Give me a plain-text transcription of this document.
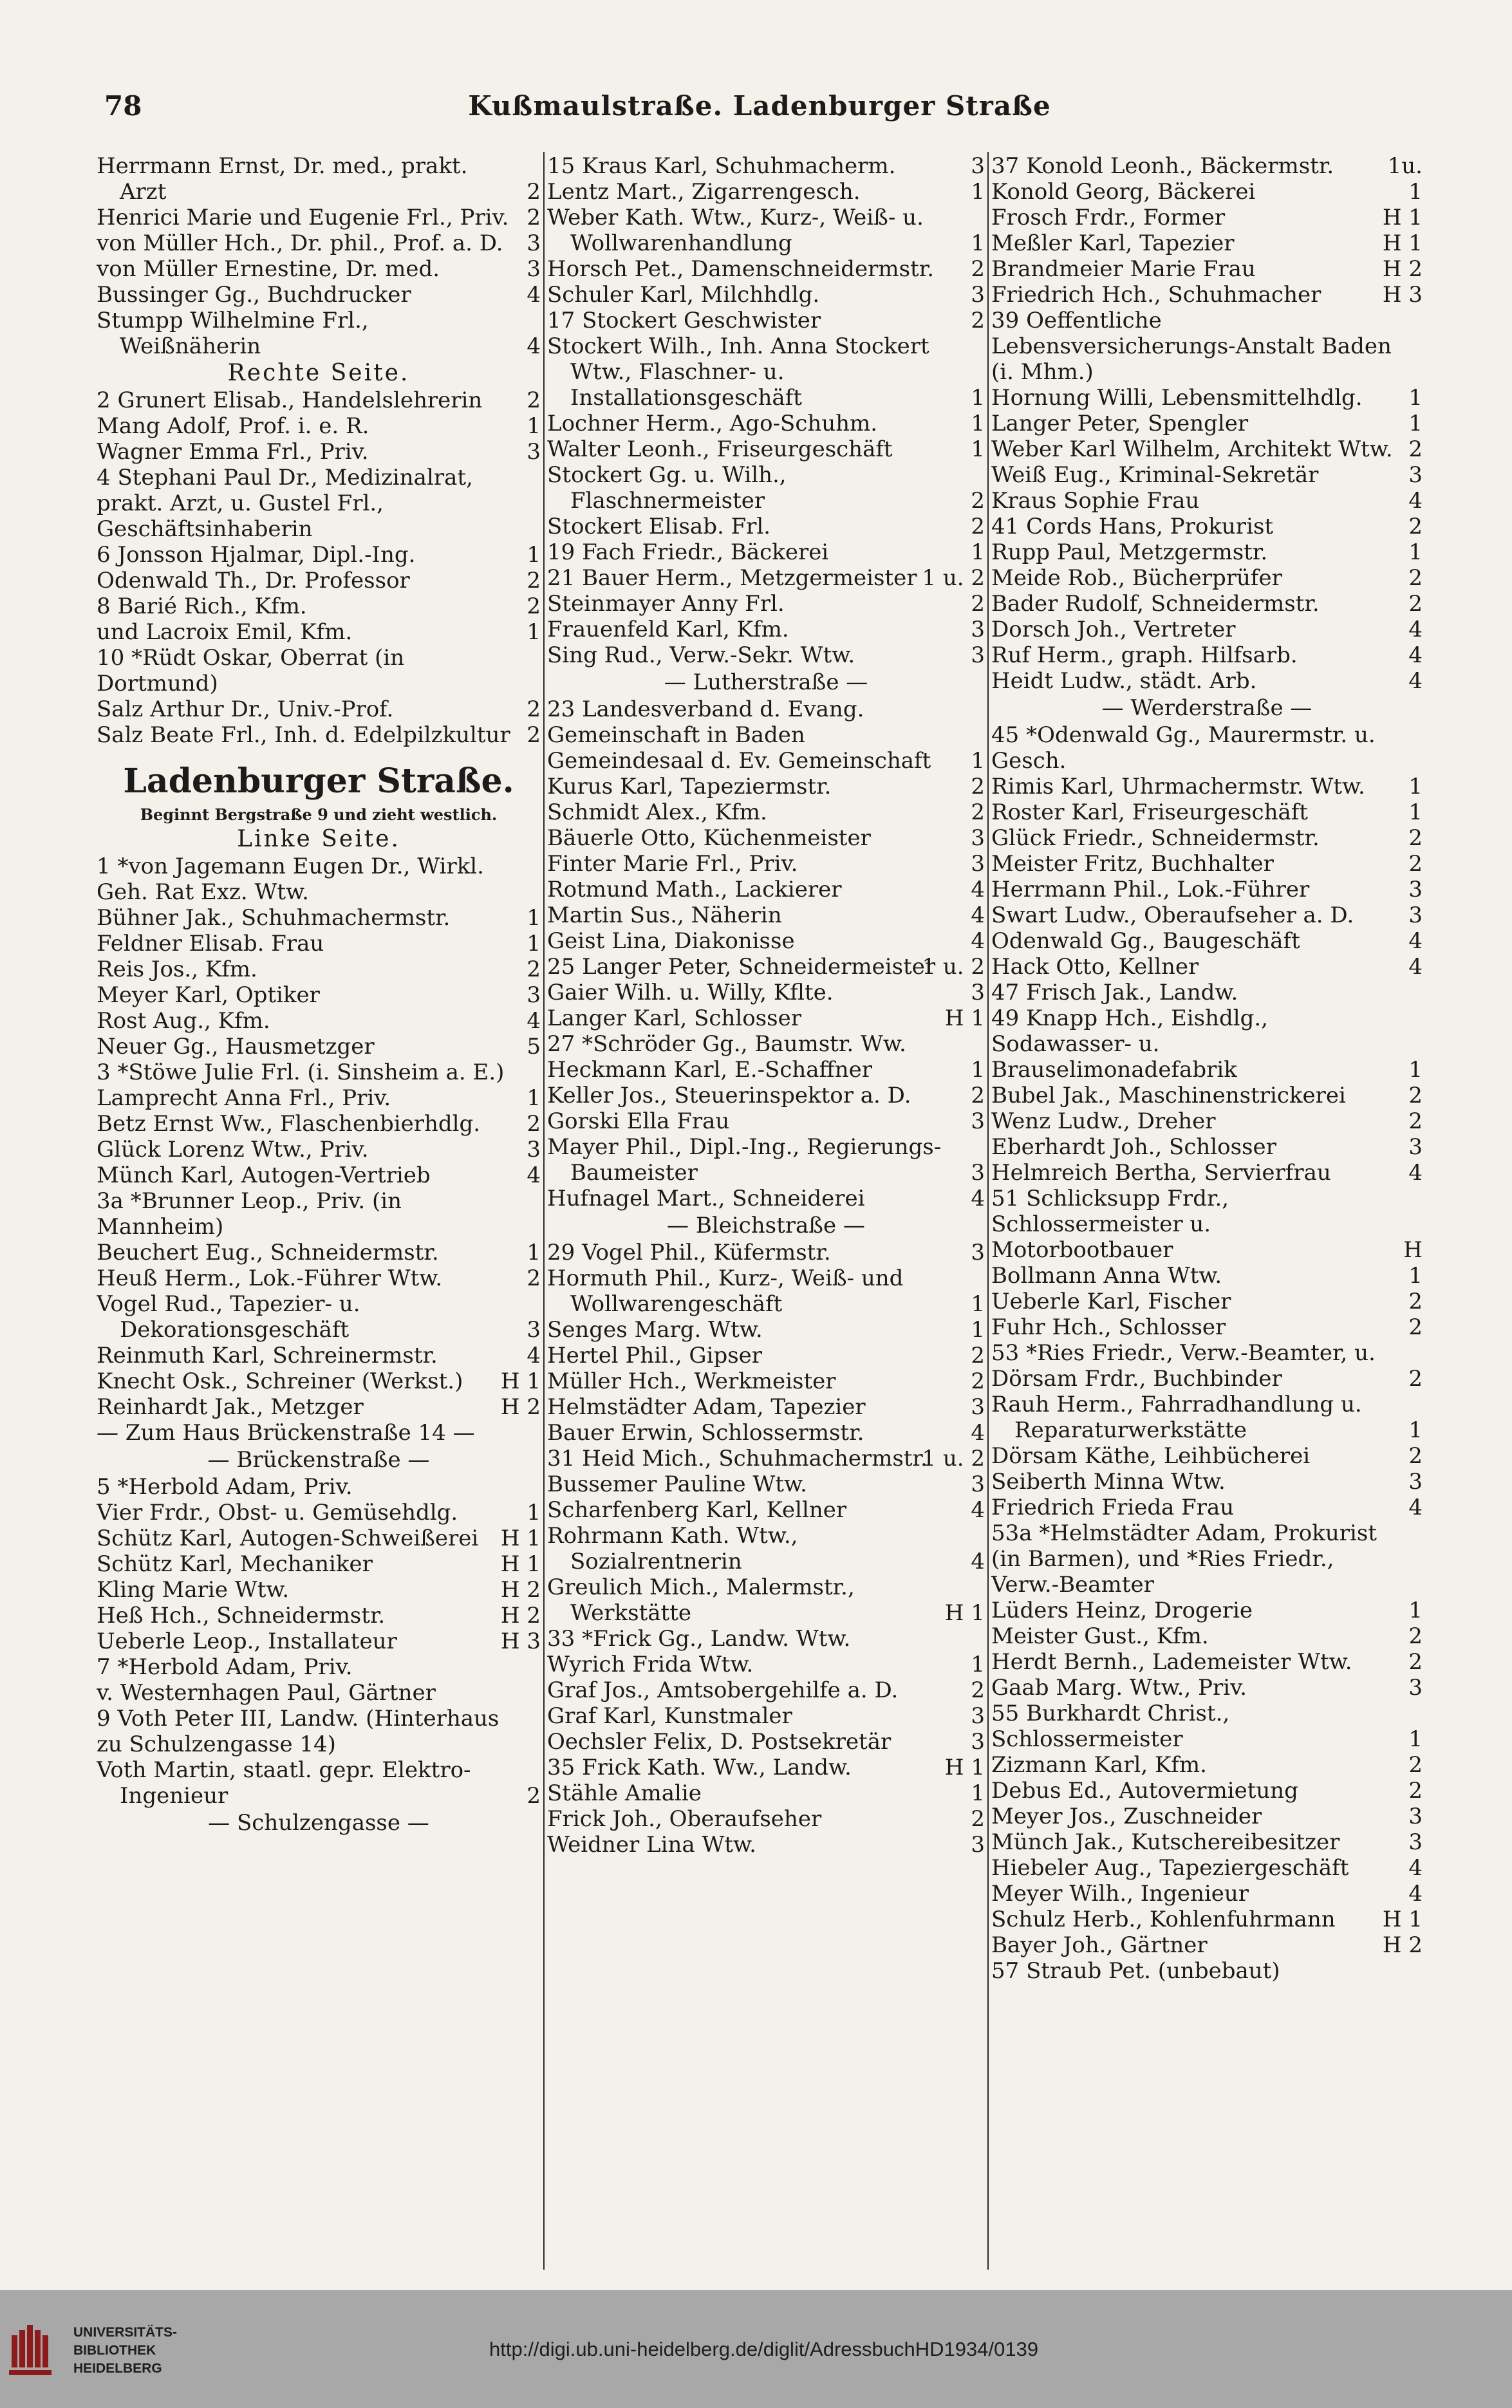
78	Kußmaulstraße. Ladenburger Straße
Herrmann Ernst, Dr. med., prakt. Arzt	2
Henrici Marie und Eugenie Frl., Priv. 2
von Müller Hch., Dr. phil., Prof. a. D.	3
von Müller Ernestine, Dr. med.	3
Bussinger Gg., Buchdrucker	4
Stumpp Wilhelmine Frl., Weißnäherin	4
Rechte Seite.
2 Grunert Elisab., Handelslehrerin 2
Mang Adolf, Prof. i. e. R.	1
Wagner Emma Frl., Priv.	3
4 Stephani Paul Dr., Medizinalrat, prakt. Arzt, u. Gustel Frl., Geschäftsinhaberin
6 Jonsson Hjalmar, Dipl.-Ing.	1
Odenwald Th., Dr. Professor	2
8 Barié Rich., Kfm.	2
und Lacroix Emil, Kfm.	1
10 *Rüdt Oskar, Oberrat (in Dortmund)
Salz Arthur Dr., Univ.-Prof.	2
Salz Beate Frl., Inh. d. Edelpilzkultur 2
Ladenburger Straße.
Beginnt Bergstraße 9 und zieht westlich.
Linke Seite.
1 *von Jagemann Eugen Dr., Wirkl. Geh. Rat Exz. Wtw.
Bühner Jak., Schuhmachermstr.	1
Feldner Elisab. Frau	1
Reis Jos., Kfm.	2
Meyer Karl, Optiker	3
Rost Aug., Kfm.	4
Neuer Gg., Hausmetzger	5
3 *Stöwe Julie Frl. (i. Sinsheim a. E.)
Lamprecht Anna Frl., Priv.	1
Betz Ernst Ww., Flaschenbierhdlg.	2
Glück Lorenz Wtw., Priv.	3
Münch Karl, Autogen-Vertrieb	4
3a *Brunner Leop., Priv. (in Mannheim)
Beuchert Eug., Schneidermstr.	1
Heuß Herm., Lok.-Führer Wtw.	2
Vogel Rud., Tapezier- u. Dekorationsgeschäft	3
Reinmuth Karl, Schreinermstr.	4
Knecht Osk., Schreiner (Werkst.)	H 1
Reinhardt Jak., Metzger	H 2
— Zum Haus Brückenstraße 14 —
— Brückenstraße —
5 *Herbold Adam, Priv.
Vier Frdr., Obst- u. Gemüsehdlg.	1
Schütz Karl, Autogen-Schweißerei	H 1
Schütz Karl, Mechaniker	H 1
Kling Marie Wtw.	H 2
Heß Hch., Schneidermstr.	H 2
Ueberle Leop., Installateur	H 3
7 *Herbold Adam, Priv.
v. Westernhagen Paul, Gärtner
9 Voth Peter III, Landw. (Hinterhaus zu Schulzengasse 14)
Voth Martin, staatl. gepr. Elektro-Ingenieur	2
— Schulzengasse —
15 Kraus Karl, Schuhmacherm.	3
Lentz Mart., Zigarrengesch.	1
Weber Kath. Wtw., Kurz-, Weiß- u. Wollwarenhandlung	1
Horsch Pet., Damenschneidermstr.	2
Schuler Karl, Milchhdlg.	3
17 Stockert Geschwister	2
Stockert Wilh., Inh. Anna Stockert Wtw., Flaschner- u. Installationsgeschäft	1
Lochner Herm., Ago-Schuhm.	1
Walter Leonh., Friseurgeschäft	1
Stockert Gg. u. Wilh., Flaschnermeister	2
Stockert Elisab. Frl.	2
19 Fach Friedr., Bäckerei	1
21 Bauer Herm., Metzgermeister 1 u. 2
Steinmayer Anny Frl.	2
Frauenfeld Karl, Kfm.	3
Sing Rud., Verw.-Sekr. Wtw.	3
— Lutherstraße —
23 Landesverband d. Evang. Gemeinschaft in Baden
Gemeindesaal d. Ev. Gemeinschaft	1
Kurus Karl, Tapeziermstr.	2
Schmidt Alex., Kfm.	2
Bäuerle Otto, Küchenmeister	3
Finter Marie Frl., Priv.	3
Rotmund Math., Lackierer	4
Martin Sus., Näherin	4
Geist Lina, Diakonisse	4
25 Langer Peter, Schneidermeister
1 u. 2
Gaier Wilh. u. Willy, Kflte.	3
Langer Karl, Schlosser	H 1
27 *Schröder Gg., Baumstr. Ww.
Heckmann Karl, E.-Schaffner	1
Keller Jos., Steuerinspektor a. D.	2
Gorski Ella Frau	3
Mayer Phil., Dipl.-Ing., Regierungs-Baumeister	3
Hufnagel Mart., Schneiderei	4
— Bleichstraße —
29 Vogel Phil., Küfermstr.	3
Hormuth Phil., Kurz-, Weiß- und Wollwarengeschäft	1
Senges Marg. Wtw.	1
Hertel Phil., Gipser	2
Müller Hch., Werkmeister	2
Helmstädter Adam, Tapezier	3
Bauer Erwin, Schlossermstr.	4
31 Heid Mich., Schuhmachermstr.
1 u. 2
Bussemer Pauline Wtw.	3
Scharfenberg Karl, Kellner	4
Rohrmann Kath. Wtw., Sozialrentnerin	4
Greulich Mich., Malermstr., Werkstätte	H 1
33 *Frick Gg., Landw. Wtw.
Wyrich Frida Wtw.	1
Graf Jos., Amtsobergehilfe a. D.	2
Graf Karl, Kunstmaler	3
Oechsler Felix, D. Postsekretär	3
35 Frick Kath. Ww., Landw.	H 1
Stähle Amalie	1
Frick Joh., Oberaufseher	2
Weidner Lina Wtw.	3
37 Konold Leonh., Bäckermstr. 1u.
Konold Georg, Bäckerei	1
Frosch Frdr., Former	H 1
Meßler Karl, Tapezier	H 1
Brandmeier Marie Frau	H 2
Friedrich Hch., Schuhmacher	H 3
39 Oeffentliche Lebensversicherungs-Anstalt Baden (i. Mhm.)
Hornung Willi, Lebensmittelhdlg.	1
Langer Peter, Spengler	1
Weber Karl Wilhelm, Architekt Wtw. 2
Weiß Eug., Kriminal-Sekretär	3
Kraus Sophie Frau	4
41 Cords Hans, Prokurist	2
Rupp Paul, Metzgermstr.	1
Meide Rob., Bücherprüfer	2
Bader Rudolf, Schneidermstr.	2
Dorsch Joh., Vertreter	4
Ruf Herm., graph. Hilfsarb.	4
Heidt Ludw., städt. Arb.	4
— Werderstraße —
45 *Odenwald Gg., Maurermstr. u. Gesch.
Rimis Karl, Uhrmachermstr. Wtw.	1
Roster Karl, Friseurgeschäft	1
Glück Friedr., Schneidermstr.	2
Meister Fritz, Buchhalter	2
Herrmann Phil., Lok.-Führer	3
Swart Ludw., Oberaufseher a. D.	3
Odenwald Gg., Baugeschäft	4
Hack Otto, Kellner	4
47 Frisch Jak., Landw.
49 Knapp Hch., Eishdlg., Sodawasser- u. Brauselimonadefabrik	1
Bubel Jak., Maschinenstrickerei	2
Wenz Ludw., Dreher	2
Eberhardt Joh., Schlosser	3
Helmreich Bertha, Servierfrau	4
51 Schlicksupp Frdr., Schlossermeister u. Motorbootbauer	H
Bollmann Anna Wtw.	1
Ueberle Karl, Fischer	2
Fuhr Hch., Schlosser	2
53 *Ries Friedr., Verw.-Beamter, u. Dörsam Frdr., Buchbinder	2
Rauh Herm., Fahrradhandlung u. Reparaturwerkstätte	1
Dörsam Käthe, Leihbücherei	2
Seiberth Minna Wtw.	3
Friedrich Frieda Frau	4
53a *Helmstädter Adam, Prokurist (in Barmen), und *Ries Friedr., Verw.-Beamter
Lüders Heinz, Drogerie	1
Meister Gust., Kfm.	2
Herdt Bernh., Lademeister Wtw.	2
Gaab Marg. Wtw., Priv.	3
55 Burkhardt Christ., Schlossermeister	1
Zizmann Karl, Kfm.	2
Debus Ed., Autovermietung	2
Meyer Jos., Zuschneider	3
Münch Jak., Kutschereibesitzer	3
Hiebeler Aug., Tapeziergeschäft	4
Meyer Wilh., Ingenieur	4
Schulz Herb., Kohlenfuhrmann	H 1
Bayer Joh., Gärtner	H 2
57 Straub Pet. (unbebaut)
UNIVERSITÄTS-
BIBLIOTHEK
HEIDELBERG
http://digi.ub.uni-heidelberg.de/diglit/AdressbuchHD1934/0139
